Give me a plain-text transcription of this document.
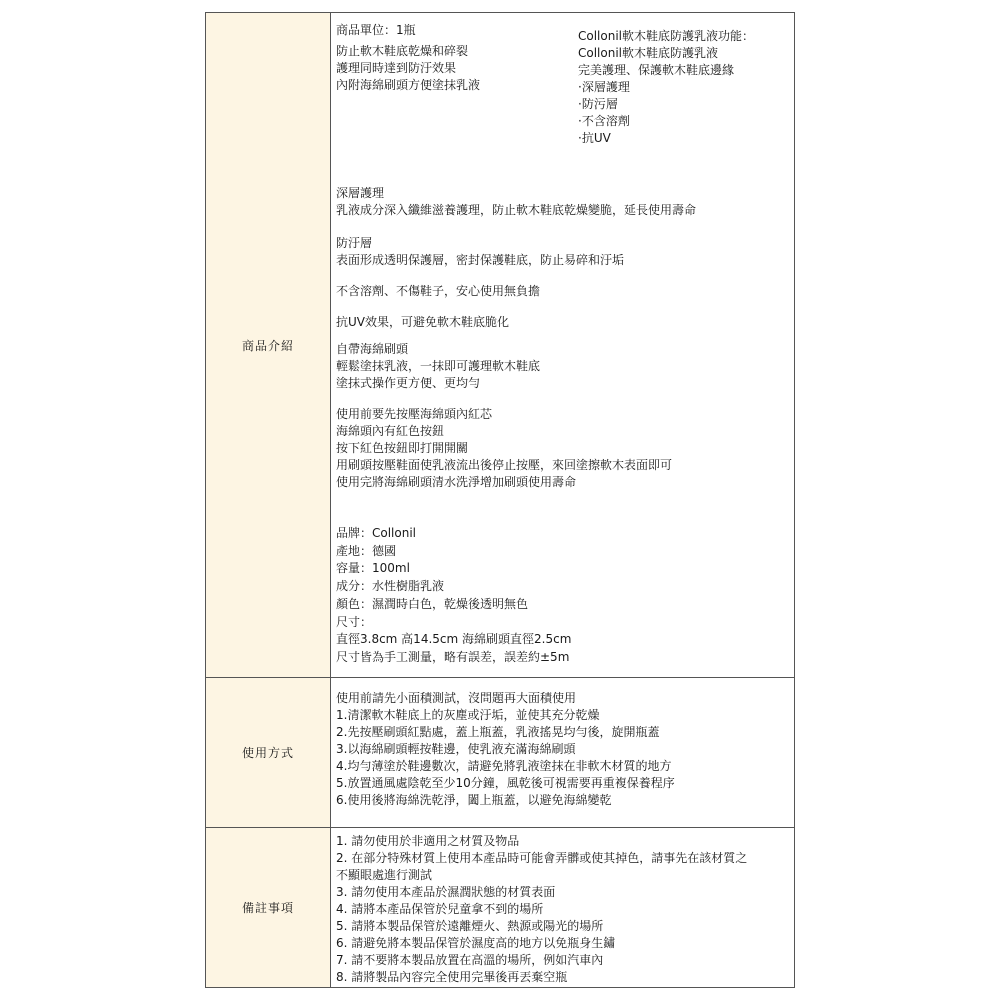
商品介紹
商品單位：1瓶
防止軟木鞋底乾燥和碎裂
護理同時達到防汙效果
內附海綿刷頭方便塗抹乳液
Collonil軟木鞋底防護乳液功能：
Collonil軟木鞋底防護乳液
完美護理、保護軟木鞋底邊緣
·深層護理
·防污層
·不含溶劑
·抗UV
深層護理
乳液成分深入纖維滋養護理，防止軟木鞋底乾燥變脆，延長使用壽命
防汙層
表面形成透明保護層，密封保護鞋底，防止易碎和汙垢
不含溶劑、不傷鞋子，安心使用無負擔
抗UV效果，可避免軟木鞋底脆化
自帶海綿刷頭
輕鬆塗抹乳液，一抹即可護理軟木鞋底
塗抹式操作更方便、更均勻
使用前要先按壓海綿頭內紅芯
海綿頭內有紅色按鈕
按下紅色按鈕即打開開關
用刷頭按壓鞋面使乳液流出後停止按壓，來回塗擦軟木表面即可
使用完將海綿刷頭清水洗淨增加刷頭使用壽命
品牌：Collonil
產地：德國
容量：100ml
成分：水性樹脂乳液
顏色：濕潤時白色，乾燥後透明無色
尺寸：
直徑3.8cm 高14.5cm 海綿刷頭直徑2.5cm
尺寸皆為手工測量，略有誤差，誤差約±5m
使用方式
使用前請先小面積測試，沒問題再大面積使用
1.清潔軟木鞋底上的灰塵或汙垢，並使其充分乾燥
2.先按壓刷頭紅點處，蓋上瓶蓋，乳液搖晃均勻後，旋開瓶蓋
3.以海綿刷頭輕按鞋邊，使乳液充滿海綿刷頭
4.均勻薄塗於鞋邊數次，請避免將乳液塗抹在非軟木材質的地方
5.放置通風處陰乾至少10分鐘，風乾後可視需要再重複保養程序
6.使用後將海綿洗乾淨，闔上瓶蓋，以避免海綿變乾
備註事項
1. 請勿使用於非適用之材質及物品
2. 在部分特殊材質上使用本產品時可能會弄髒或使其掉色，請事先在該材質之
不顯眼處進行測試
3. 請勿使用本產品於濕潤狀態的材質表面
4. 請將本產品保管於兒童拿不到的場所
5. 請將本製品保管於遠離煙火、熱源或陽光的場所
6. 請避免將本製品保管於濕度高的地方以免瓶身生鏽
7. 請不要將本製品放置在高溫的場所，例如汽車內
8. 請將製品內容完全使用完畢後再丟棄空瓶
